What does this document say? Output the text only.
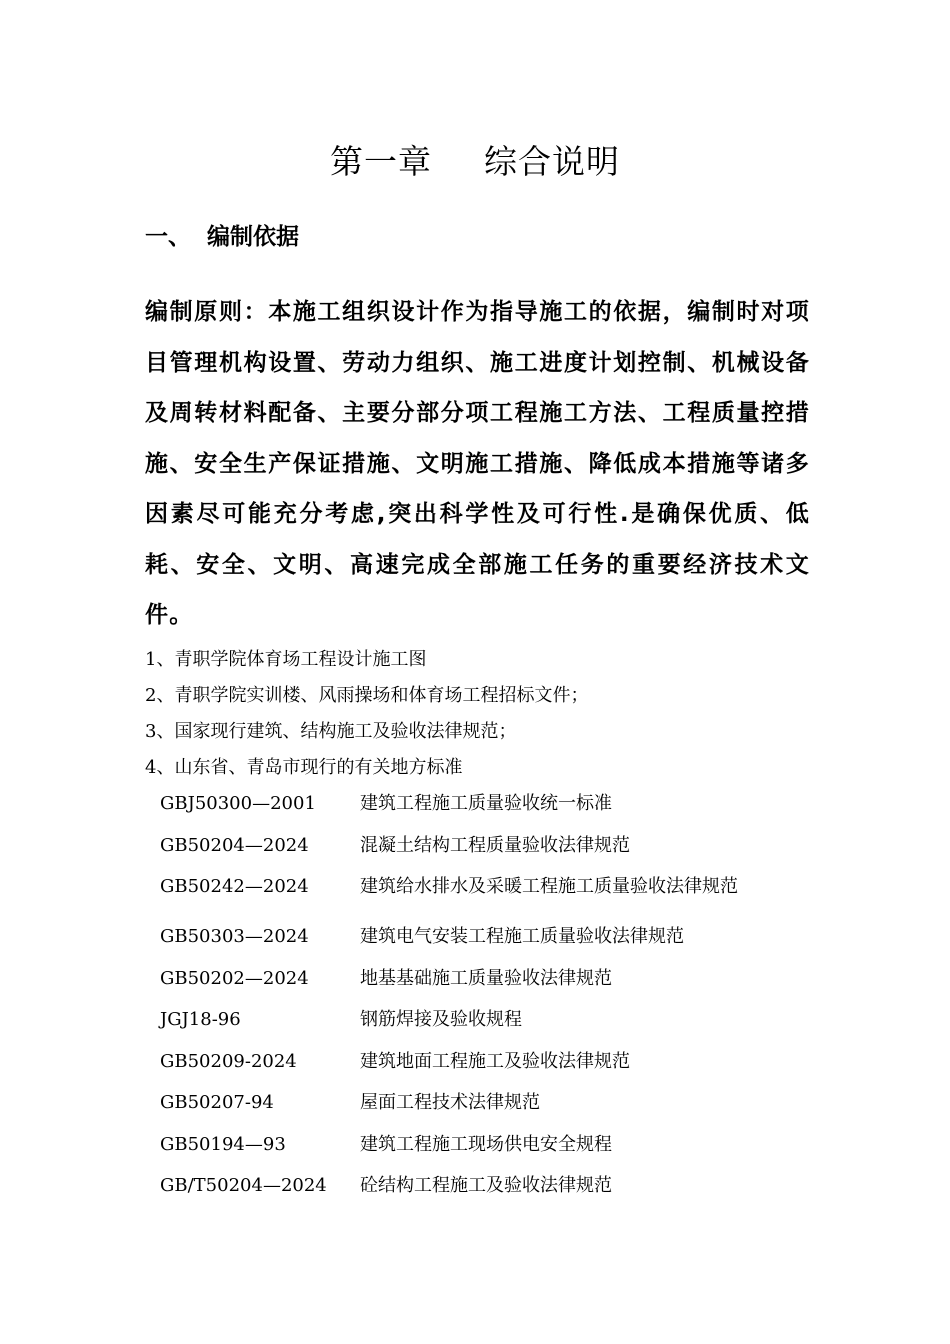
第一章 综合说明
一、 编制依据

编制原则：本施工组织设计作为指导施工的依据，编制时对项目管理机构设置、劳动力组织、施工进度计划控制、机械设备及周转材料配备、主要分部分项工程施工方法、工程质量控措施、安全生产保证措施、文明施工措施、降低成本措施等诸多因素尽可能充分考虑,突出科学性及可行性.是确保优质、低耗、安全、文明、高速完成全部施工任务的重要经济技术文件。

1、青职学院体育场工程设计施工图
2、青职学院实训楼、风雨操场和体育场工程招标文件；
3、国家现行建筑、结构施工及验收法律规范；
4、山东省、青岛市现行的有关地方标准
GBJ50300—2001	建筑工程施工质量验收统一标准
GB50204—2024	混凝土结构工程质量验收法律规范
GB50242—2024	建筑给水排水及采暖工程施工质量验收法律规范
GB50303—2024	建筑电气安装工程施工质量验收法律规范
GB50202—2024	地基基础施工质量验收法律规范
JGJ18-96	钢筋焊接及验收规程
GB50209-2024	建筑地面工程施工及验收法律规范
GB50207-94	屋面工程技术法律规范
GB50194—93	建筑工程施工现场供电安全规程
GB/T50204—2024	砼结构工程施工及验收法律规范
